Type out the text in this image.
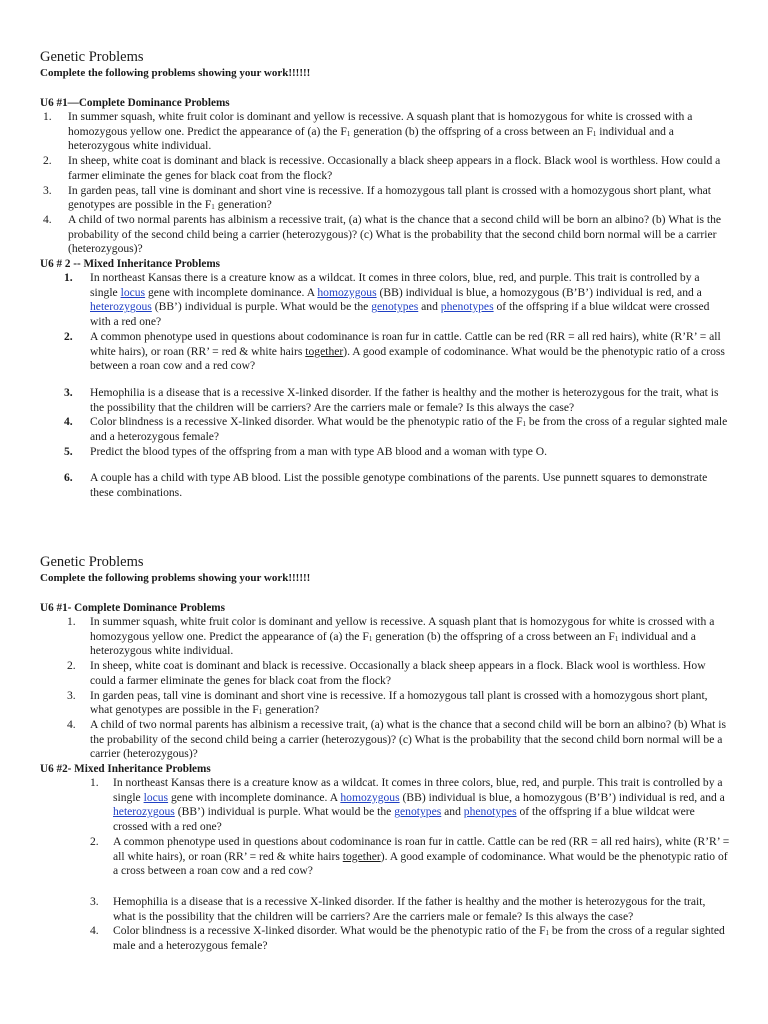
Genetic Problems
Complete the following problems showing your work!!!!!!
U6 #1—Complete Dominance Problems
1. In summer squash, white fruit color is dominant and yellow is recessive. A squash plant that is homozygous for white is crossed with a homozygous yellow one. Predict the appearance of (a) the $F_1$ generation (b) the offspring of a cross between an $F_1$ individual and a heterozygous white individual.
2. In sheep, white coat is dominant and black is recessive. Occasionally a black sheep appears in a flock. Black wool is worthless. How could a farmer eliminate the genes for black coat from the flock?
3. In garden peas, tall vine is dominant and short vine is recessive. If a homozygous tall plant is crossed with a homozygous short plant, what genotypes are possible in the $F_1$ generation?
4. A child of two normal parents has albinism a recessive trait, (a) what is the chance that a second child will be born an albino? (b) What is the probability of the second child being a carrier (heterozygous)? (c) What is the probability that the second child born normal will be a carrier (heterozygous)?
U6 # 2 -- Mixed Inheritance Problems
1. In northeast Kansas there is a creature know as a wildcat. It comes in three colors, blue, red, and purple. This trait is controlled by a single locus gene with incomplete dominance. A homozygous (BB) individual is blue, a homozygous (B’B’) individual is red, and a heterozygous (BB’) individual is purple. What would be the genotypes and phenotypes of the offspring if a blue wildcat were crossed with a red one?
2. A common phenotype used in questions about codominance is roan fur in cattle. Cattle can be red (RR = all red hairs), white (R’R’ = all white hairs), or roan (RR’ = red & white hairs together). A good example of codominance. What would be the phenotypic ratio of a cross between a roan cow and a red cow?
3. Hemophilia is a disease that is a recessive X-linked disorder. If the father is healthy and the mother is heterozygous for the trait, what is the possibility that the children will be carriers? Are the carriers male or female? Is this always the case?
4. Color blindness is a recessive X-linked disorder. What would be the phenotypic ratio of the $F_1$ be from the cross of a regular sighted male and a heterozygous female?
5. Predict the blood types of the offspring from a man with type AB blood and a woman with type O.
6. A couple has a child with type AB blood. List the possible genotype combinations of the parents. Use punnett squares to demonstrate these combinations.
Genetic Problems
Complete the following problems showing your work!!!!!!
U6 #1- Complete Dominance Problems
1. In summer squash, white fruit color is dominant and yellow is recessive. A squash plant that is homozygous for white is crossed with a homozygous yellow one. Predict the appearance of (a) the $F_1$ generation (b) the offspring of a cross between an $F_1$ individual and a heterozygous white individual.
2. In sheep, white coat is dominant and black is recessive. Occasionally a black sheep appears in a flock. Black wool is worthless. How could a farmer eliminate the genes for black coat from the flock?
3. In garden peas, tall vine is dominant and short vine is recessive. If a homozygous tall plant is crossed with a homozygous short plant, what genotypes are possible in the $F_1$ generation?
4. A child of two normal parents has albinism a recessive trait, (a) what is the chance that a second child will be born an albino? (b) What is the probability of the second child being a carrier (heterozygous)? (c) What is the probability that the second child born normal will be a carrier (heterozygous)?
U6 #2- Mixed Inheritance Problems
1. In northeast Kansas there is a creature know as a wildcat. It comes in three colors, blue, red, and purple. This trait is controlled by a single locus gene with incomplete dominance. A homozygous (BB) individual is blue, a homozygous (B’B’) individual is red, and a heterozygous (BB’) individual is purple. What would be the genotypes and phenotypes of the offspring if a blue wildcat were crossed with a red one?
2. A common phenotype used in questions about codominance is roan fur in cattle. Cattle can be red (RR = all red hairs), white (R’R’ = all white hairs), or roan (RR’ = red & white hairs together). A good example of codominance. What would be the phenotypic ratio of a cross between a roan cow and a red cow?
3. Hemophilia is a disease that is a recessive X-linked disorder. If the father is healthy and the mother is heterozygous for the trait, what is the possibility that the children will be carriers? Are the carriers male or female? Is this always the case?
4. Color blindness is a recessive X-linked disorder. What would be the phenotypic ratio of the $F_1$ be from the cross of a regular sighted male and a heterozygous female?
